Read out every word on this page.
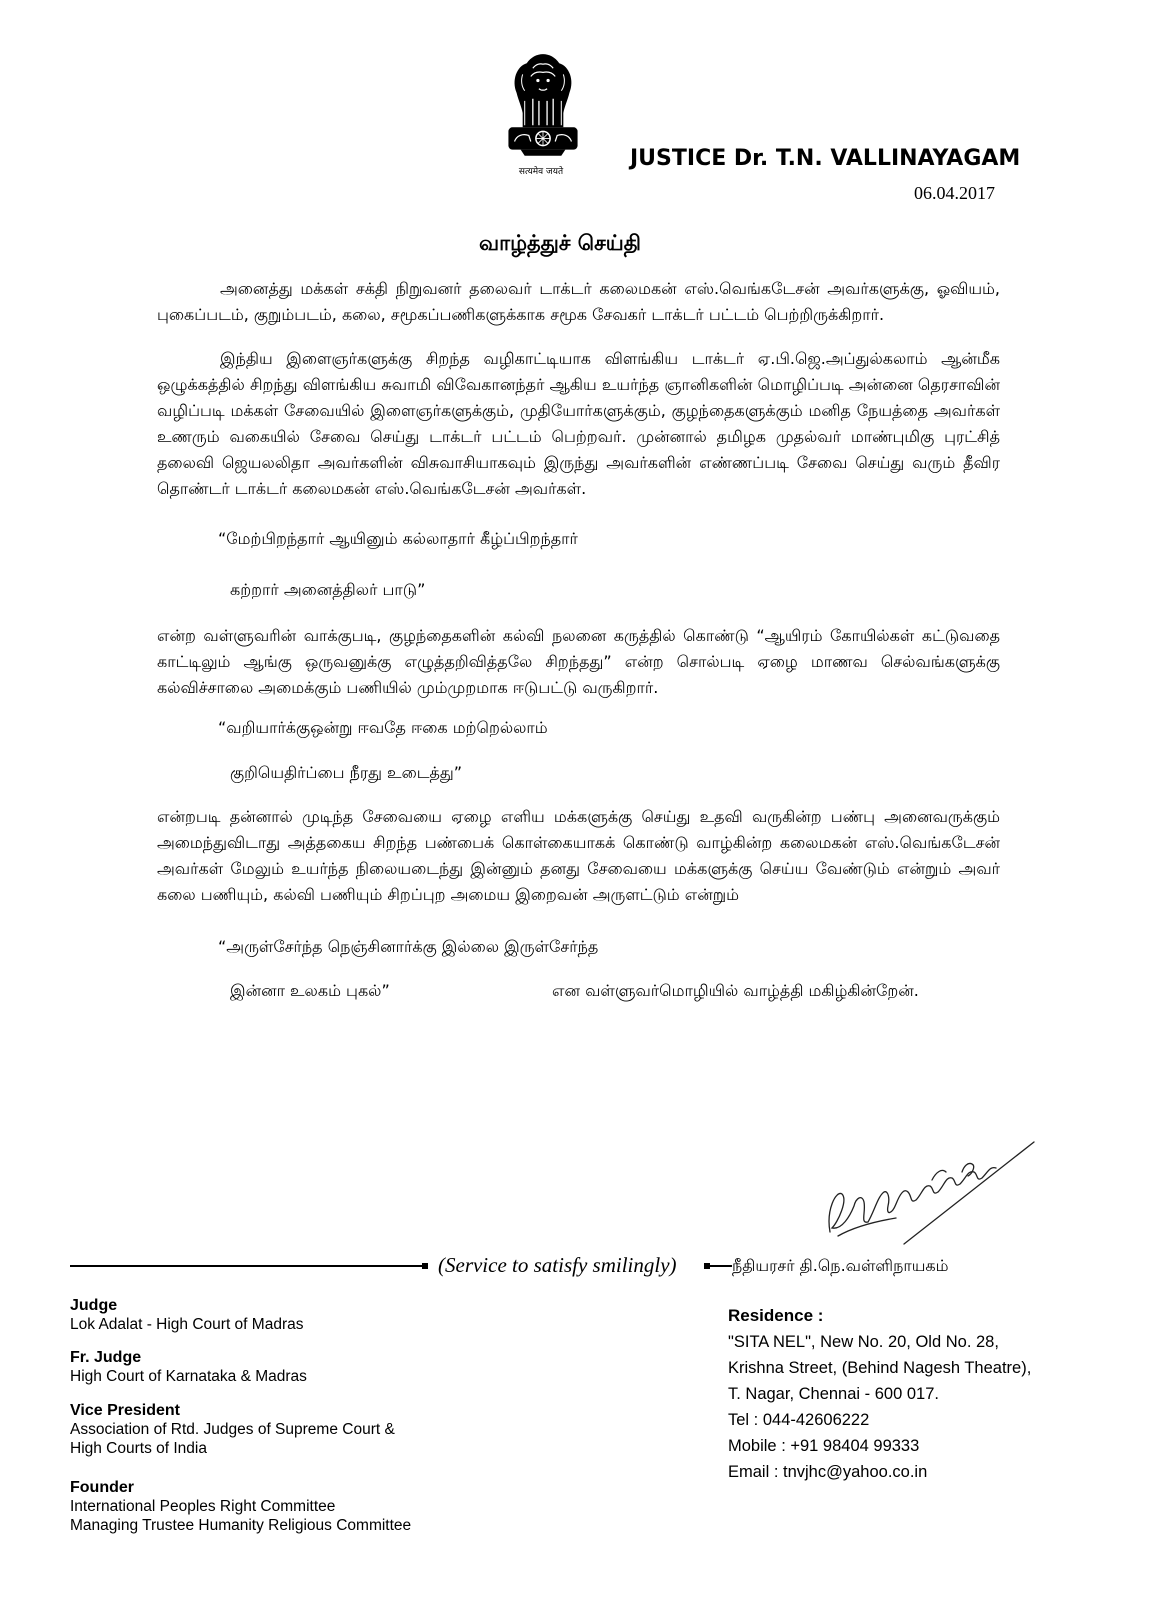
सत्यमेव जयते
JUSTICE Dr. T.N. VALLINAYAGAM
06.04.2017
வாழ்த்துச் செய்தி

அனைத்து மக்கள் சக்தி நிறுவனர் தலைவர் டாக்டர் கலைமகன் எஸ்.வெங்கடேசன் அவர்களுக்கு, ஓவியம், புகைப்படம், குறும்படம், கலை, சமூகப்பணிகளுக்காக சமூக சேவகர் டாக்டர் பட்டம் பெற்றிருக்கிறார்.

இந்திய இளைஞர்களுக்கு சிறந்த வழிகாட்டியாக விளங்கிய டாக்டர் ஏ.பி.ஜெ.அப்துல்கலாம் ஆன்மீக ஒழுக்கத்தில் சிறந்து விளங்கிய சுவாமி விவேகானந்தர் ஆகிய உயர்ந்த ஞானிகளின் மொழிப்படி அன்னை தெரசாவின் வழிப்படி மக்கள் சேவையில் இளைஞர்களுக்கும், முதியோர்களுக்கும், குழந்தைகளுக்கும் மனித நேயத்தை அவர்கள் உணரும் வகையில் சேவை செய்து டாக்டர் பட்டம் பெற்றவர். முன்னால் தமிழக முதல்வர் மாண்புமிகு புரட்சித் தலைவி ஜெயலலிதா அவர்களின் விசுவாசியாகவும் இருந்து அவர்களின் எண்ணப்படி சேவை செய்து வரும் தீவிர தொண்டர் டாக்டர் கலைமகன் எஸ்.வெங்கடேசன் அவர்கள்.

“மேற்பிறந்தார் ஆயினும் கல்லாதார் கீழ்ப்பிறந்தார்
கற்றார் அனைத்திலர் பாடு”

என்ற வள்ளுவரின் வாக்குபடி, குழந்தைகளின் கல்வி நலனை கருத்தில் கொண்டு “ஆயிரம் கோயில்கள் கட்டுவதை காட்டிலும் ஆங்கு ஒருவனுக்கு எழுத்தறிவித்தலே சிறந்தது” என்ற சொல்படி ஏழை மாணவ செல்வங்களுக்கு கல்விச்சாலை அமைக்கும் பணியில் மும்முறமாக ஈடுபட்டு வருகிறார்.

“வறியார்க்குஒன்று ஈவதே ஈகை மற்றெல்லாம்
குறியெதிர்ப்பை நீரது உடைத்து”

என்றபடி தன்னால் முடிந்த சேவையை ஏழை எளிய மக்களுக்கு செய்து உதவி வருகின்ற பண்பு அனைவருக்கும் அமைந்துவிடாது அத்தகைய சிறந்த பண்பைக் கொள்கையாகக் கொண்டு வாழ்கின்ற கலைமகன் எஸ்.வெங்கடேசன் அவர்கள் மேலும் உயர்ந்த நிலையடைந்து இன்னும் தனது சேவையை மக்களுக்கு செய்ய வேண்டும் என்றும் அவர் கலை பணியும், கல்வி பணியும் சிறப்புற அமைய இறைவன் அருளட்டும் என்றும்

“அருள்சேர்ந்த நெஞ்சினார்க்கு இல்லை இருள்சேர்ந்த
இன்னா உலகம் புகல்”	என வள்ளுவர்மொழியில் வாழ்த்தி மகிழ்கின்றேன்.
(Service to satisfy smilingly)	நீதியரசர் தி.நெ.வள்ளிநாயகம்
Judge
Lok Adalat - High Court of Madras
Fr. Judge
High Court of Karnataka & Madras
Vice President
Association of Rtd. Judges of Supreme Court &
High Courts of India
Founder
International Peoples Right Committee
Managing Trustee Humanity Religious Committee
Residence :
"SITA NEL", New No. 20, Old No. 28,
Krishna Street, (Behind Nagesh Theatre),
T. Nagar, Chennai - 600 017.
Tel : 044-42606222
Mobile : +91 98404 99333
Email : tnvjhc@yahoo.co.in
